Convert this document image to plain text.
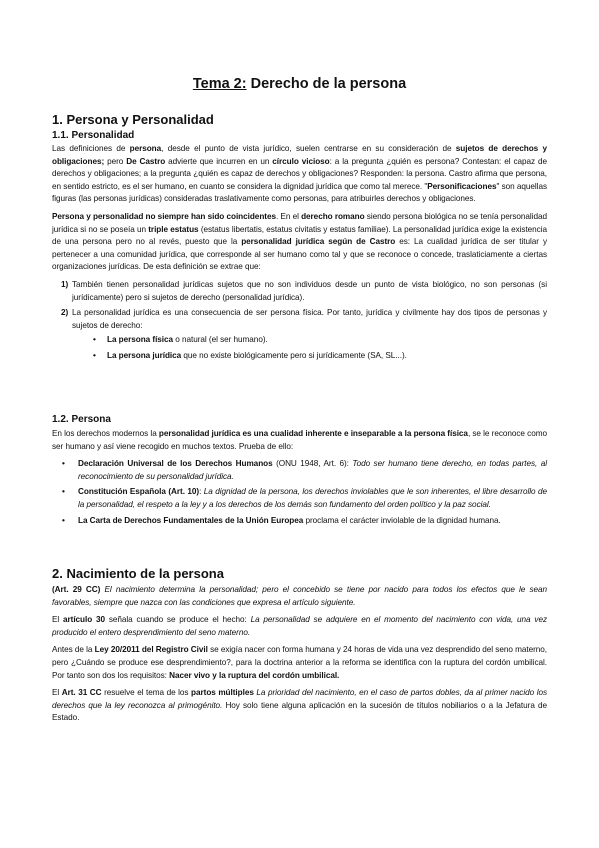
Tema 2: Derecho de la persona
1. Persona y Personalidad
1.1. Personalidad

Las definiciones de persona, desde el punto de vista jurídico, suelen centrarse en su consideración de sujetos de derechos y obligaciones; pero De Castro advierte que incurren en un círculo vicioso: a la pregunta ¿quién es persona? Contestan: el capaz de derechos y obligaciones; a la pregunta ¿quién es capaz de derechos y obligaciones? Responden: la persona. Castro afirma que persona, en sentido estricto, es el ser humano, en cuanto se considera la dignidad jurídica que como tal merece. "Personificaciones" son aquellas figuras (las personas jurídicas) consideradas traslativamente como personas, para atribuirles derechos y obligaciones.

Persona y personalidad no siempre han sido coincidentes. En el derecho romano siendo persona biológica no se tenía personalidad jurídica si no se poseía un triple estatus (estatus libertatis, estatus civitatis y estatus familiae). La personalidad jurídica exige la existencia de una persona pero no al revés, puesto que la personalidad jurídica según de Castro es: La cualidad jurídica de ser titular y pertenecer a una comunidad jurídica, que corresponde al ser humano como tal y que se reconoce o concede, traslaticiamente a ciertas organizaciones jurídicas. De esta definición se extrae que:

1) También tienen personalidad jurídicas sujetos que no son individuos desde un punto de vista biológico, no son personas (si jurídicamente) pero si sujetos de derecho (personalidad jurídica).
2) La personalidad jurídica es una consecuencia de ser persona física. Por tanto, jurídica y civilmente hay dos tipos de personas y sujetos de derecho:
• La persona física o natural (el ser humano).
• La persona jurídica que no existe biológicamente pero si jurídicamente (SA, SL...).
1.2. Persona

En los derechos modernos la personalidad jurídica es una cualidad inherente e inseparable a la persona física, se le reconoce como ser humano y así viene recogido en muchos textos. Prueba de ello:

• Declaración Universal de los Derechos Humanos (ONU 1948, Art. 6): Todo ser humano tiene derecho, en todas partes, al reconocimiento de su personalidad jurídica.
• Constitución Española (Art. 10): La dignidad de la persona, los derechos inviolables que le son inherentes, el libre desarrollo de la personalidad, el respeto a la ley y a los derechos de los demás son fundamento del orden político y la paz social.
• La Carta de Derechos Fundamentales de la Unión Europea proclama el carácter inviolable de la dignidad humana.
2. Nacimiento de la persona

(Art. 29 CC) El nacimiento determina la personalidad; pero el concebido se tiene por nacido para todos los efectos que le sean favorables, siempre que nazca con las condiciones que expresa el artículo siguiente.

El artículo 30 señala cuando se produce el hecho: La personalidad se adquiere en el momento del nacimiento con vida, una vez producido el entero desprendimiento del seno materno.

Antes de la Ley 20/2011 del Registro Civil se exigía nacer con forma humana y 24 horas de vida una vez desprendido del seno materno, pero ¿Cuándo se produce ese desprendimiento?, para la doctrina anterior a la reforma se identifica con la ruptura del cordón umbilical. Por tanto son dos los requisitos: Nacer vivo y la ruptura del cordón umbilical.

El Art. 31 CC resuelve el tema de los partos múltiples La prioridad del nacimiento, en el caso de partos dobles, da al primer nacido los derechos que la ley reconozca al primogénito. Hoy solo tiene alguna aplicación en la sucesión de títulos nobiliarios o a la Jefatura de Estado.
